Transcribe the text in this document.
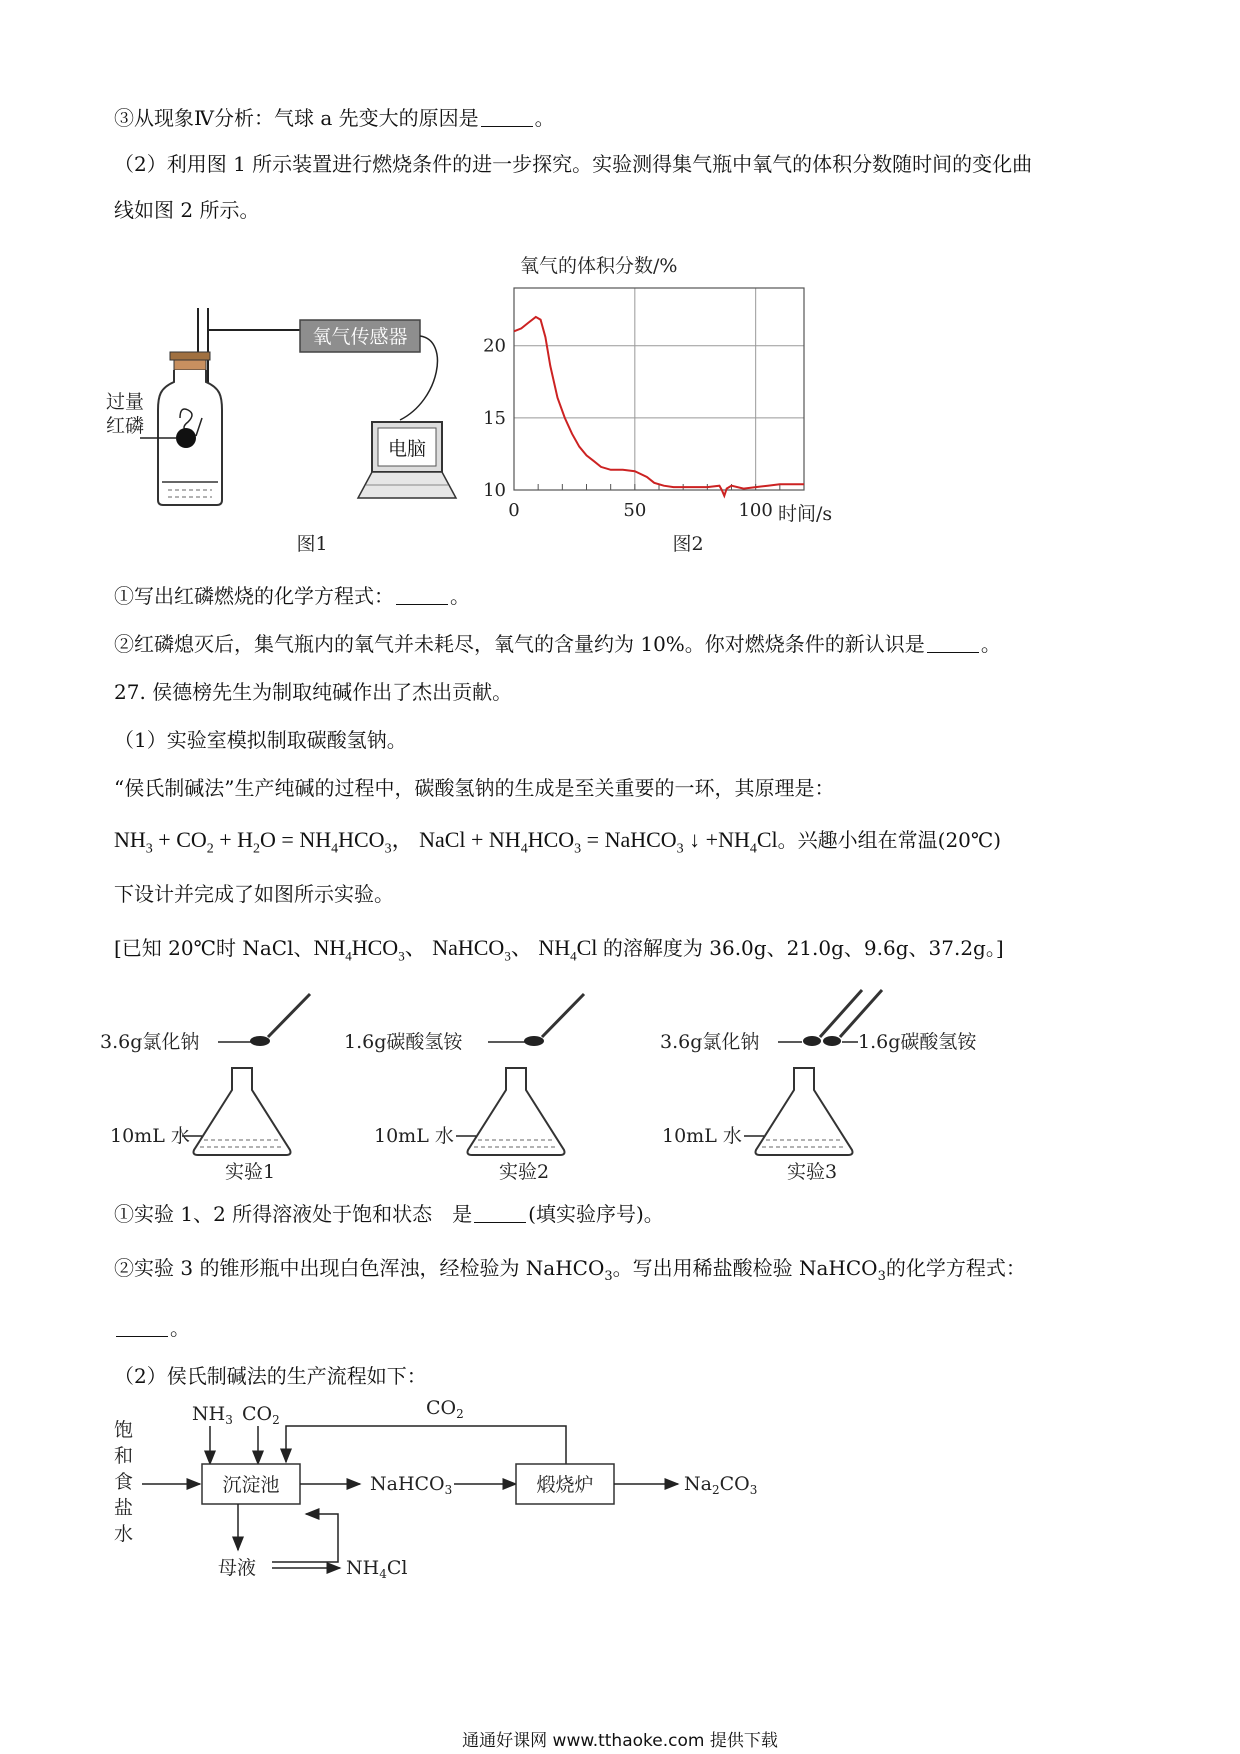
③从现象Ⅳ分析：气球 a 先变大的原因是	。
（2）利用图 1 所示装置进行燃烧条件的进一步探究。实验测得集气瓶中氧气的体积分数随时间的变化曲
线如图 2 所示。
氧气传感器
电脑
过量
红磷
图1
氧气的体积分数/%
0	50	100
10
15
20
时间/s
图2
①写出红磷燃烧的化学方程式：	。
②红磷熄灭后，集气瓶内的氧气并未耗尽，氧气的含量约为 10%。你对燃烧条件的新认识是	。
27. 侯德榜先生为制取纯碱作出了杰出贡献。
（1）实验室模拟制取碳酸氢钠。
“侯氏制碱法”生产纯碱的过程中，碳酸氢钠的生成是至关重要的一环，其原理是：
$NH_3 + CO_2 + H_2O = NH_4HCO_3$， NaCl + $NH_4HCO_3$ = NaHCO$_3$ ↓ $+NH_4Cl$。兴趣小组在常温(20℃)
下设计并完成了如图所示实验。
[已知 20℃时 NaCl、$NH_4HCO_3$、 NaHCO$_3$、 $NH_4Cl$ 的溶解度为 36.0g、21.0g、9.6g、37.2g。]
3.6g氯化钠
10mL 水
实验1
1.6g碳酸氢铵
10mL 水
实验2
3.6g氯化钠	1.6g碳酸氢铵
10mL 水
实验3
①实验 1、2 所得溶液处于饱和状态　是	(填实验序号)。
②实验 3 的锥形瓶中出现白色浑浊，经检验为 NaHCO$_3$。写出用稀盐酸检验 NaHCO$_3$的化学方程式：
。
（2）侯氏制碱法的生产流程如下：
饱
和
食
盐
水
$NH_3$ $CO_2$
沉淀池
$CO_2$
NaHCO$_3$	煅烧炉	$Na_2CO_3$
母液	$NH_4Cl$
通通好课网 www.tthaoke.com 提供下载
